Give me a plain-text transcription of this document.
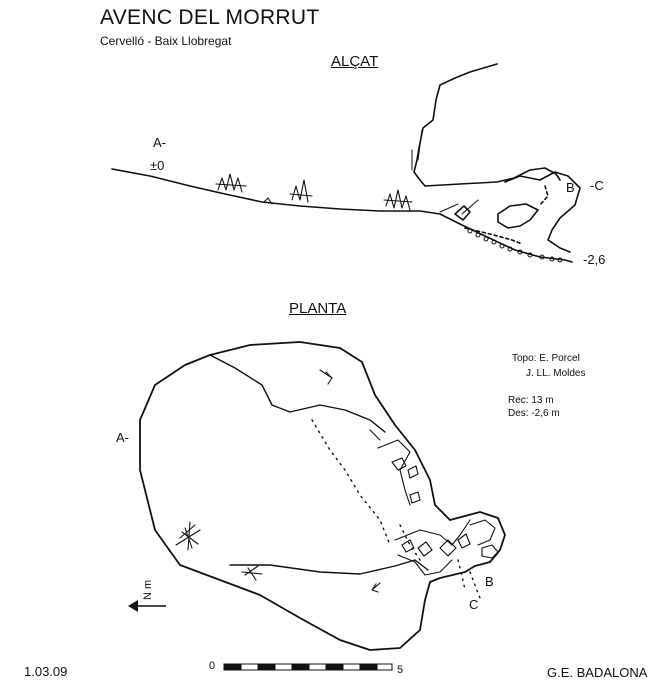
AVENC DEL MORRUT
Cervelló - Baix Llobregat
ALÇAT
A-
±0
B -C
-2,6
PLANTA
A-
B
C
N m
Topo: E. Porcel
J. LL. Moldes
Rec: 13 m
Des: -2,6 m
1.03.09	0	5	G.E. BADALONA
